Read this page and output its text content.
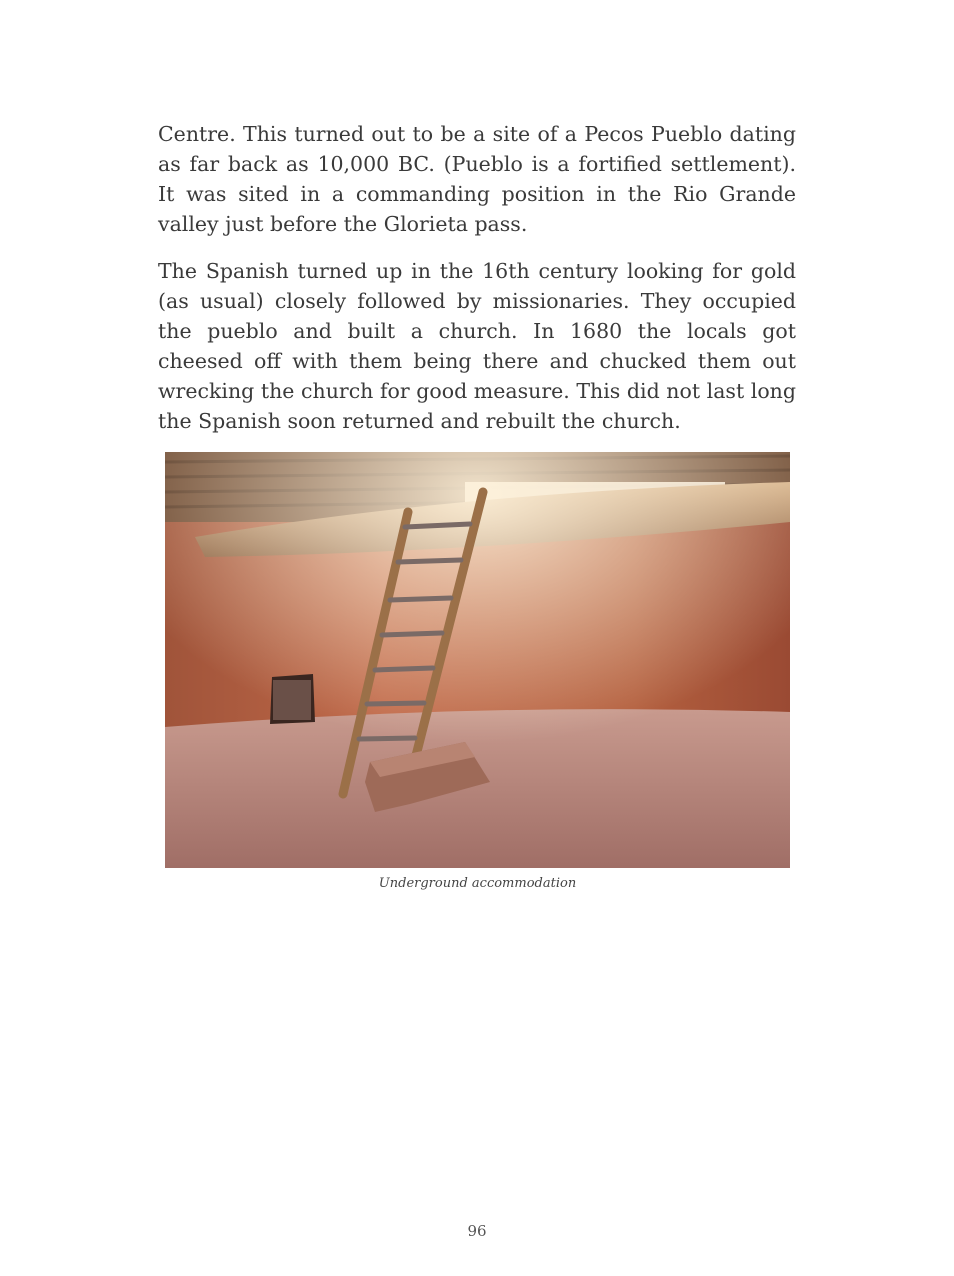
Centre. This turned out to be a site of a Pecos Pueblo dating as far back as 10,000 BC. (Pueblo is a fortified settlement). It was sited in a commanding position in the Rio Grande valley just before the Glorieta pass.

The Spanish turned up in the 16th century looking for gold (as usual) closely followed by missionaries. They occupied the pueblo and built a church. In 1680 the locals got cheesed off with them being there and chucked them out wrecking the church for good measure. This did not last long the Spanish soon returned and rebuilt the church.

Underground accommodation
96
